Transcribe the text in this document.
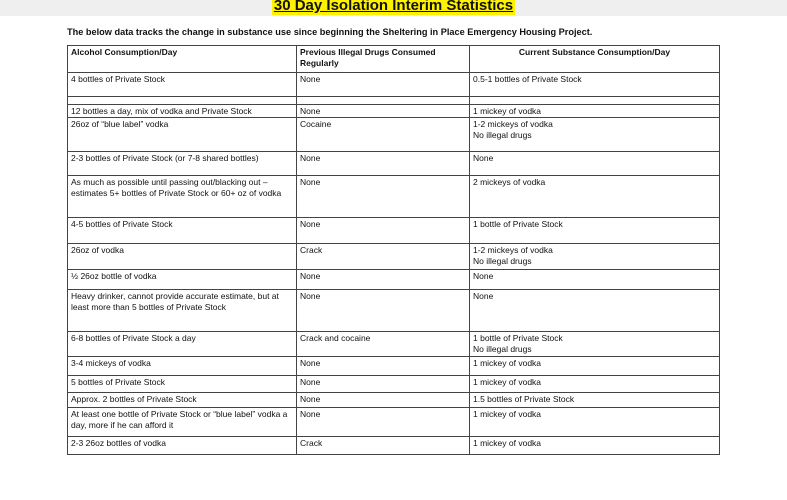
30 Day Isolation Interim Statistics
The below data tracks the change in substance use since beginning the Sheltering in Place Emergency Housing Project.
Alcohol Consumption/Day	Previous Illegal Drugs Consumed Regularly	Current Substance Consumption/Day

4 bottles of Private Stock	None	0.5-1 bottles of Private Stock

12 bottles a day, mix of vodka and Private Stock	None	1 mickey of vodka

26oz of “blue label” vodka	Cocaine	1-2 mickeys of vodka
No illegal drugs

2-3 bottles of Private Stock (or 7-8 shared bottles)	None	None

As much as possible until passing out/blacking out – estimates 5+ bottles of Private Stock or 60+ oz of vodka	None	2 mickeys of vodka

4-5 bottles of Private Stock	None	1 bottle of Private Stock

26oz of vodka	Crack	1-2 mickeys of vodka
No illegal drugs

½ 26oz bottle of vodka	None	None

Heavy drinker, cannot provide accurate estimate, but at least more than 5 bottles of Private Stock	None	None

6-8 bottles of Private Stock a day	Crack and cocaine	1 bottle of Private Stock
No illegal drugs

3-4 mickeys of vodka	None	1 mickey of vodka

5 bottles of Private Stock	None	1 mickey of vodka

Approx. 2 bottles of Private Stock	None	1.5 bottles of Private Stock

At least one bottle of Private Stock or “blue label” vodka a day, more if he can afford it	None	1 mickey of vodka

2-3 26oz bottles of vodka	Crack	1 mickey of vodka
